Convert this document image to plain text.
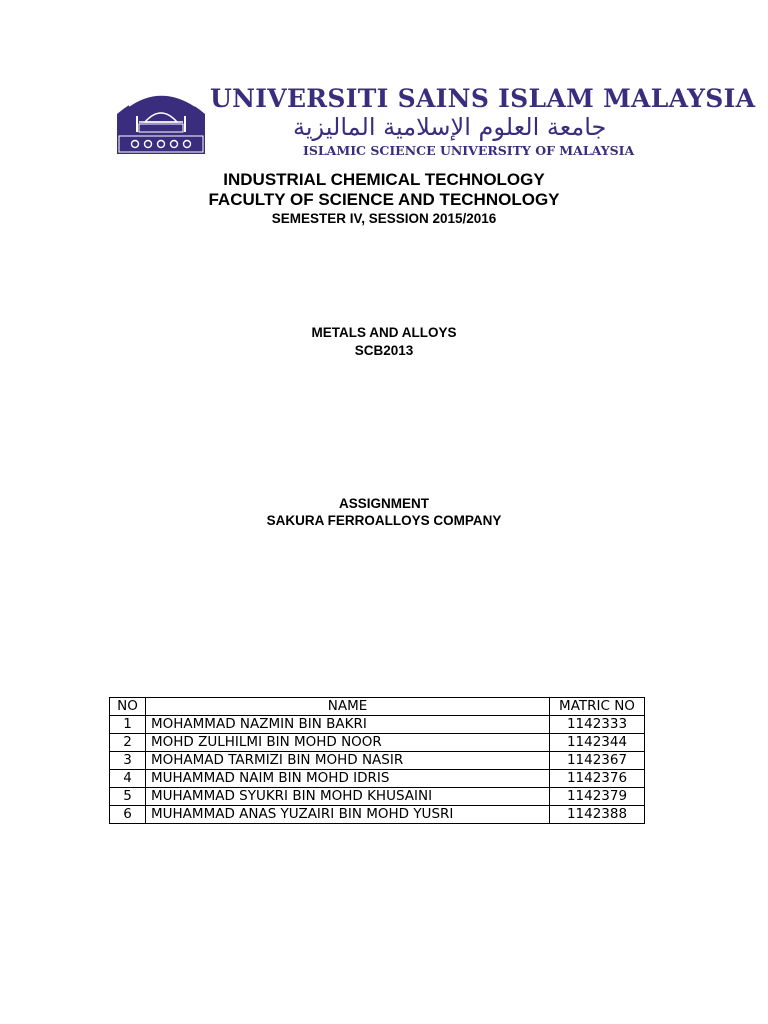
UNIVERSITI SAINS ISLAM MALAYSIA
جامعة العلوم الإسلامية الماليزية
ISLAMIC SCIENCE UNIVERSITY OF MALAYSIA
INDUSTRIAL CHEMICAL TECHNOLOGY
FACULTY OF SCIENCE AND TECHNOLOGY
SEMESTER IV, SESSION 2015/2016
METALS AND ALLOYS
SCB2013
ASSIGNMENT
SAKURA FERROALLOYS COMPANY
NO	NAME	MATRIC NO
1	MOHAMMAD NAZMIN BIN BAKRI	1142333
2	MOHD ZULHILMI BIN MOHD NOOR	1142344
3	MOHAMAD TARMIZI BIN MOHD NASIR	1142367
4	MUHAMMAD NAIM BIN MOHD IDRIS	1142376
5	MUHAMMAD SYUKRI BIN MOHD KHUSAINI	1142379
6	MUHAMMAD ANAS YUZAIRI BIN MOHD YUSRI	1142388
